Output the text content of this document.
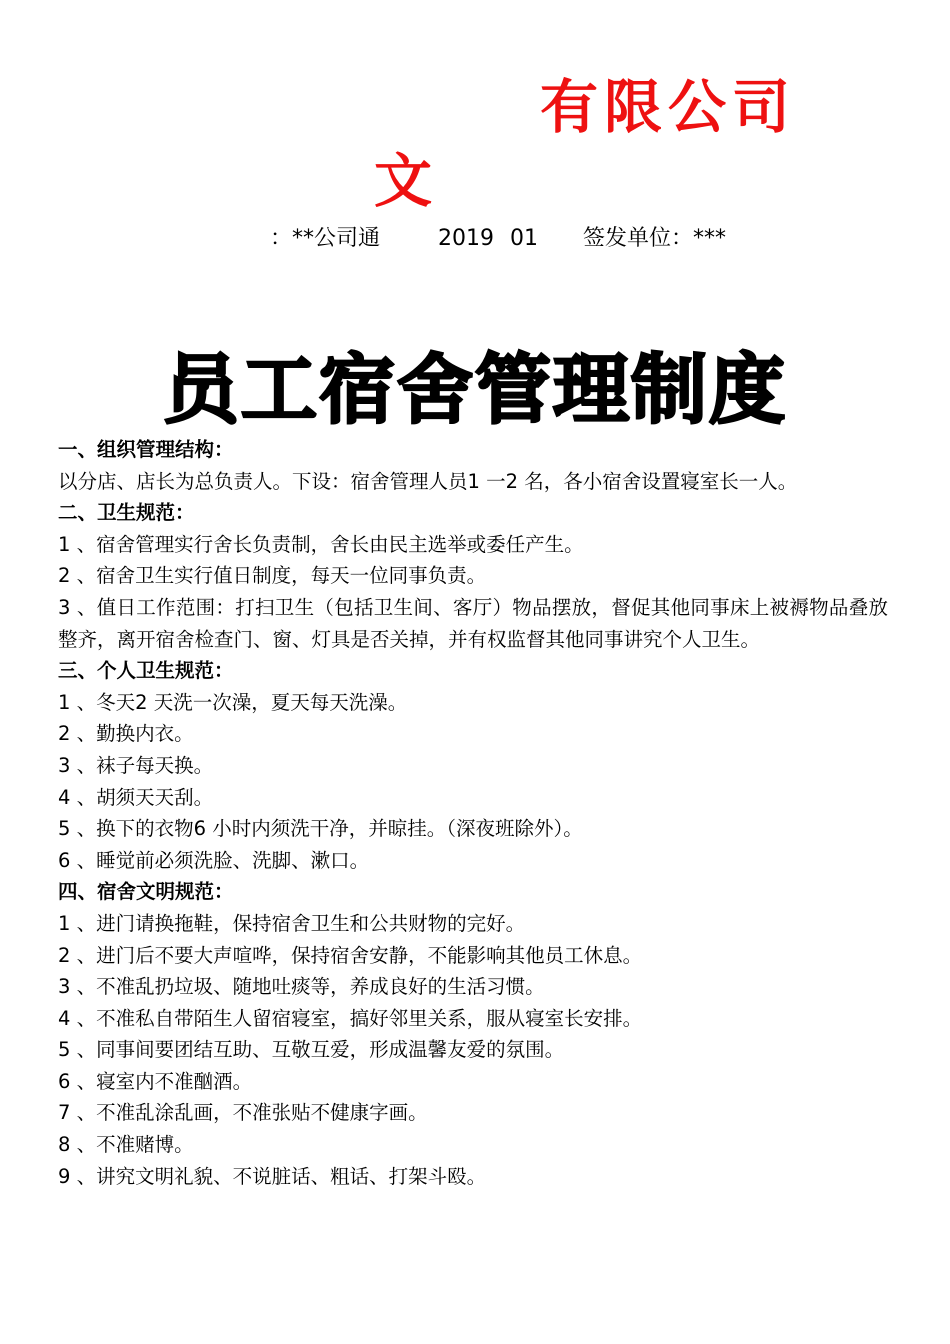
有限公司
文
：**公司通	2019 01 签发单位：***
员工宿舍管理制度

一、组织管理结构：

以分店、店长为总负责人。下设：宿舍管理人员1 一2 名，各小宿舍设置寝室长一人。

二、卫生规范：

1 、宿舍管理实行舍长负责制，舍长由民主选举或委任产生。

2 、宿舍卫生实行值日制度，每天一位同事负责。

3 、值日工作范围：打扫卫生（包括卫生间、客厅）物品摆放，督促其他同事床上被褥物品叠放整齐，离开宿舍检查门、窗、灯具是否关掉，并有权监督其他同事讲究个人卫生。

三、个人卫生规范：

1 、冬天2 天洗一次澡，夏天每天洗澡。

2 、勤换内衣。

3 、袜子每天换。

4 、胡须天天刮。

5 、换下的衣物6 小时内须洗干净，并晾挂。（深夜班除外）。

6 、睡觉前必须洗脸、洗脚、漱口。

四、宿舍文明规范：

1 、进门请换拖鞋，保持宿舍卫生和公共财物的完好。

2 、进门后不要大声喧哗，保持宿舍安静，不能影响其他员工休息。

3 、不准乱扔垃圾、随地吐痰等，养成良好的生活习惯。

4 、不准私自带陌生人留宿寝室，搞好邻里关系，服从寝室长安排。

5 、同事间要团结互助、互敬互爱，形成温馨友爱的氛围。

6 、寝室内不准酗酒。

7 、不准乱涂乱画，不准张贴不健康字画。

8 、不准赌博。

9 、讲究文明礼貌、不说脏话、粗话、打架斗殴。
